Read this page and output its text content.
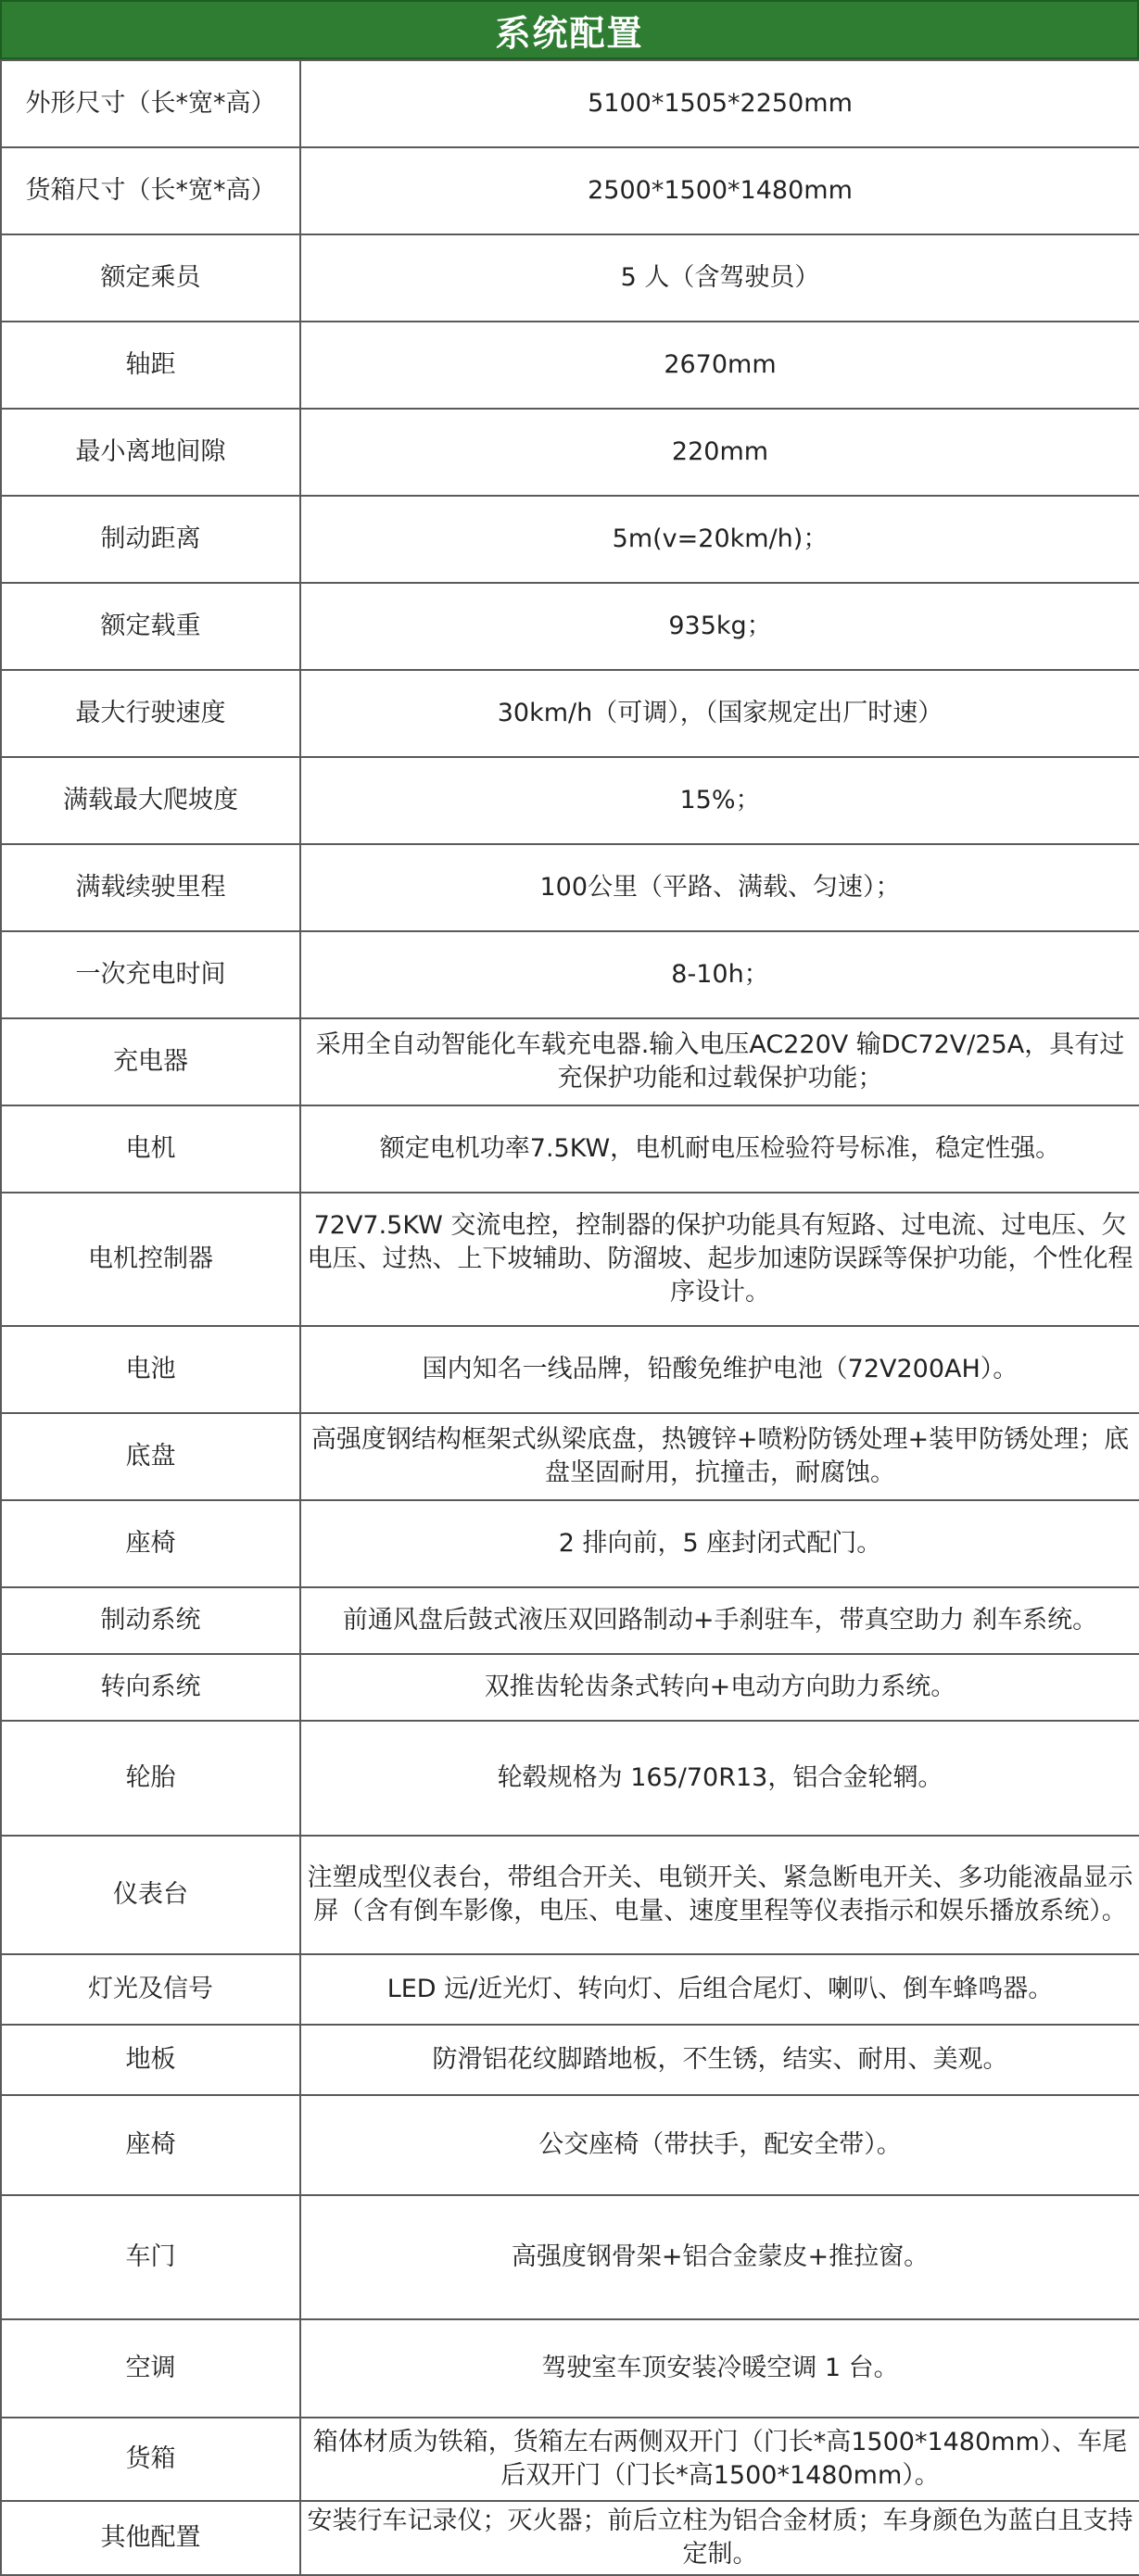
系统配置
外形尺寸（长*宽*高）	5100*1505*2250mm
货箱尺寸（长*宽*高）	2500*1500*1480mm
额定乘员	5 人（含驾驶员）
轴距	2670mm
最小离地间隙	220mm
制动距离	5m(v=20km/h)；
额定载重	935kg；
最大行驶速度	30km/h（可调），（国家规定出厂时速）
满载最大爬坡度	15%；
满载续驶里程	100公里（平路、满载、匀速）；
一次充电时间	8-10h；
充电器	采用全自动智能化车载充电器.输入电压AC220V 输DC72V/25A，具有过充保护功能和过载保护功能；
电机	额定电机功率7.5KW，电机耐电压检验符号标准，稳定性强。
电机控制器	72V7.5KW 交流电控，控制器的保护功能具有短路、过电流、过电压、欠电压、过热、上下坡辅助、防溜坡、起步加速防误踩等保护功能，个性化程序设计。
电池	国内知名一线品牌，铅酸免维护电池（72V200AH）。
底盘	高强度钢结构框架式纵梁底盘，热镀锌+喷粉防锈处理+装甲防锈处理；底盘坚固耐用，抗撞击，耐腐蚀。
座椅	2 排向前，5 座封闭式配门。
制动系统	前通风盘后鼓式液压双回路制动+手刹驻车，带真空助力 刹车系统。
转向系统	双推齿轮齿条式转向+电动方向助力系统。
轮胎	轮毂规格为 165/70R13，铝合金轮辋。
仪表台	注塑成型仪表台，带组合开关、电锁开关、紧急断电开关、多功能液晶显示屏（含有倒车影像，电压、电量、速度里程等仪表指示和娱乐播放系统）。
灯光及信号	LED 远/近光灯、转向灯、后组合尾灯、喇叭、倒车蜂鸣器。
地板	防滑铝花纹脚踏地板，不生锈，结实、耐用、美观。
座椅	公交座椅（带扶手，配安全带）。
车门	高强度钢骨架+铝合金蒙皮+推拉窗。
空调	驾驶室车顶安装冷暖空调 1 台。
货箱	箱体材质为铁箱，货箱左右两侧双开门（门长*高1500*1480mm）、车尾后双开门（门长*高1500*1480mm）。
其他配置	安装行车记录仪；灭火器；前后立柱为铝合金材质；车身颜色为蓝白且支持定制。
